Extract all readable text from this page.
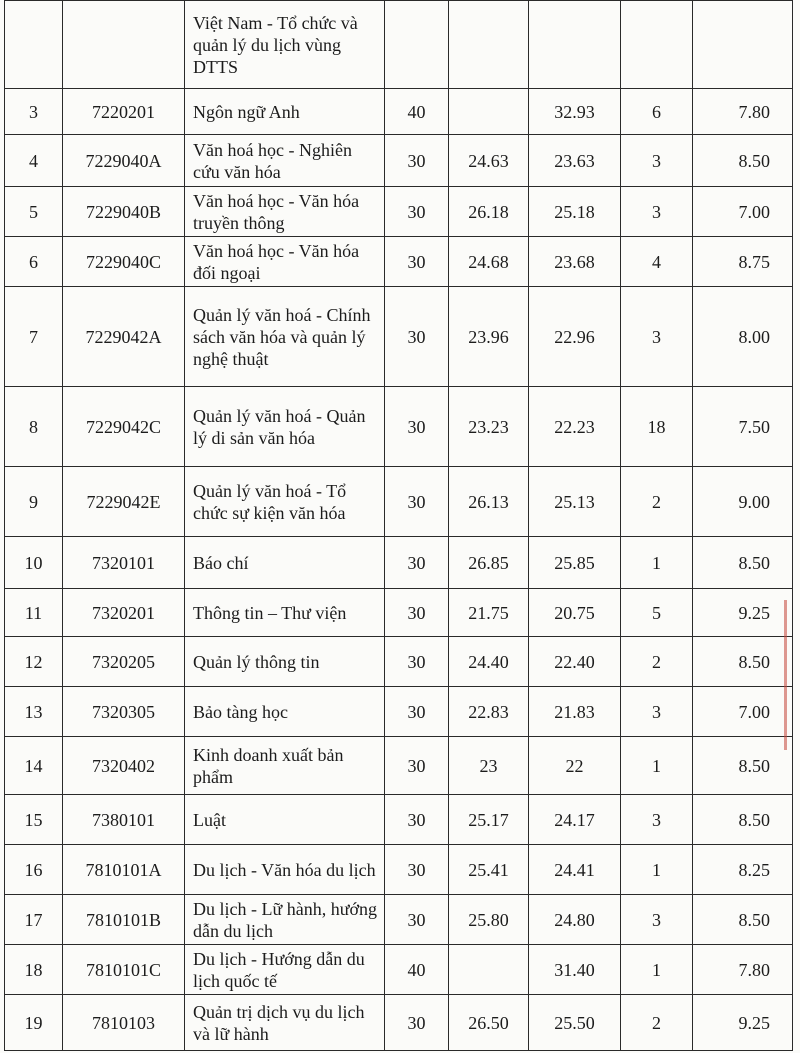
		Việt Nam - Tổ chức và quản lý du lịch vùng DTTS					
3	7220201	Ngôn ngữ Anh	40		32.93	6	7.80
4	7229040A	Văn hoá học - Nghiên cứu văn hóa	30	24.63	23.63	3	8.50
5	7229040B	Văn hoá học - Văn hóa truyền thông	30	26.18	25.18	3	7.00
6	7229040C	Văn hoá học - Văn hóa đối ngoại	30	24.68	23.68	4	8.75
7	7229042A	Quản lý văn hoá - Chính sách văn hóa và quản lý nghệ thuật	30	23.96	22.96	3	8.00
8	7229042C	Quản lý văn hoá - Quản lý di sản văn hóa	30	23.23	22.23	18	7.50
9	7229042E	Quản lý văn hoá - Tổ chức sự kiện văn hóa	30	26.13	25.13	2	9.00
10	7320101	Báo chí	30	26.85	25.85	1	8.50
11	7320201	Thông tin – Thư viện	30	21.75	20.75	5	9.25
12	7320205	Quản lý thông tin	30	24.40	22.40	2	8.50
13	7320305	Bảo tàng học	30	22.83	21.83	3	7.00
14	7320402	Kinh doanh xuất bản phẩm	30	23	22	1	8.50
15	7380101	Luật	30	25.17	24.17	3	8.50
16	7810101A	Du lịch - Văn hóa du lịch	30	25.41	24.41	1	8.25
17	7810101B	Du lịch - Lữ hành, hướng dẫn du lịch	30	25.80	24.80	3	8.50
18	7810101C	Du lịch - Hướng dẫn du lịch quốc tế	40		31.40	1	7.80
19	7810103	Quản trị dịch vụ du lịch và lữ hành	30	26.50	25.50	2	9.25
